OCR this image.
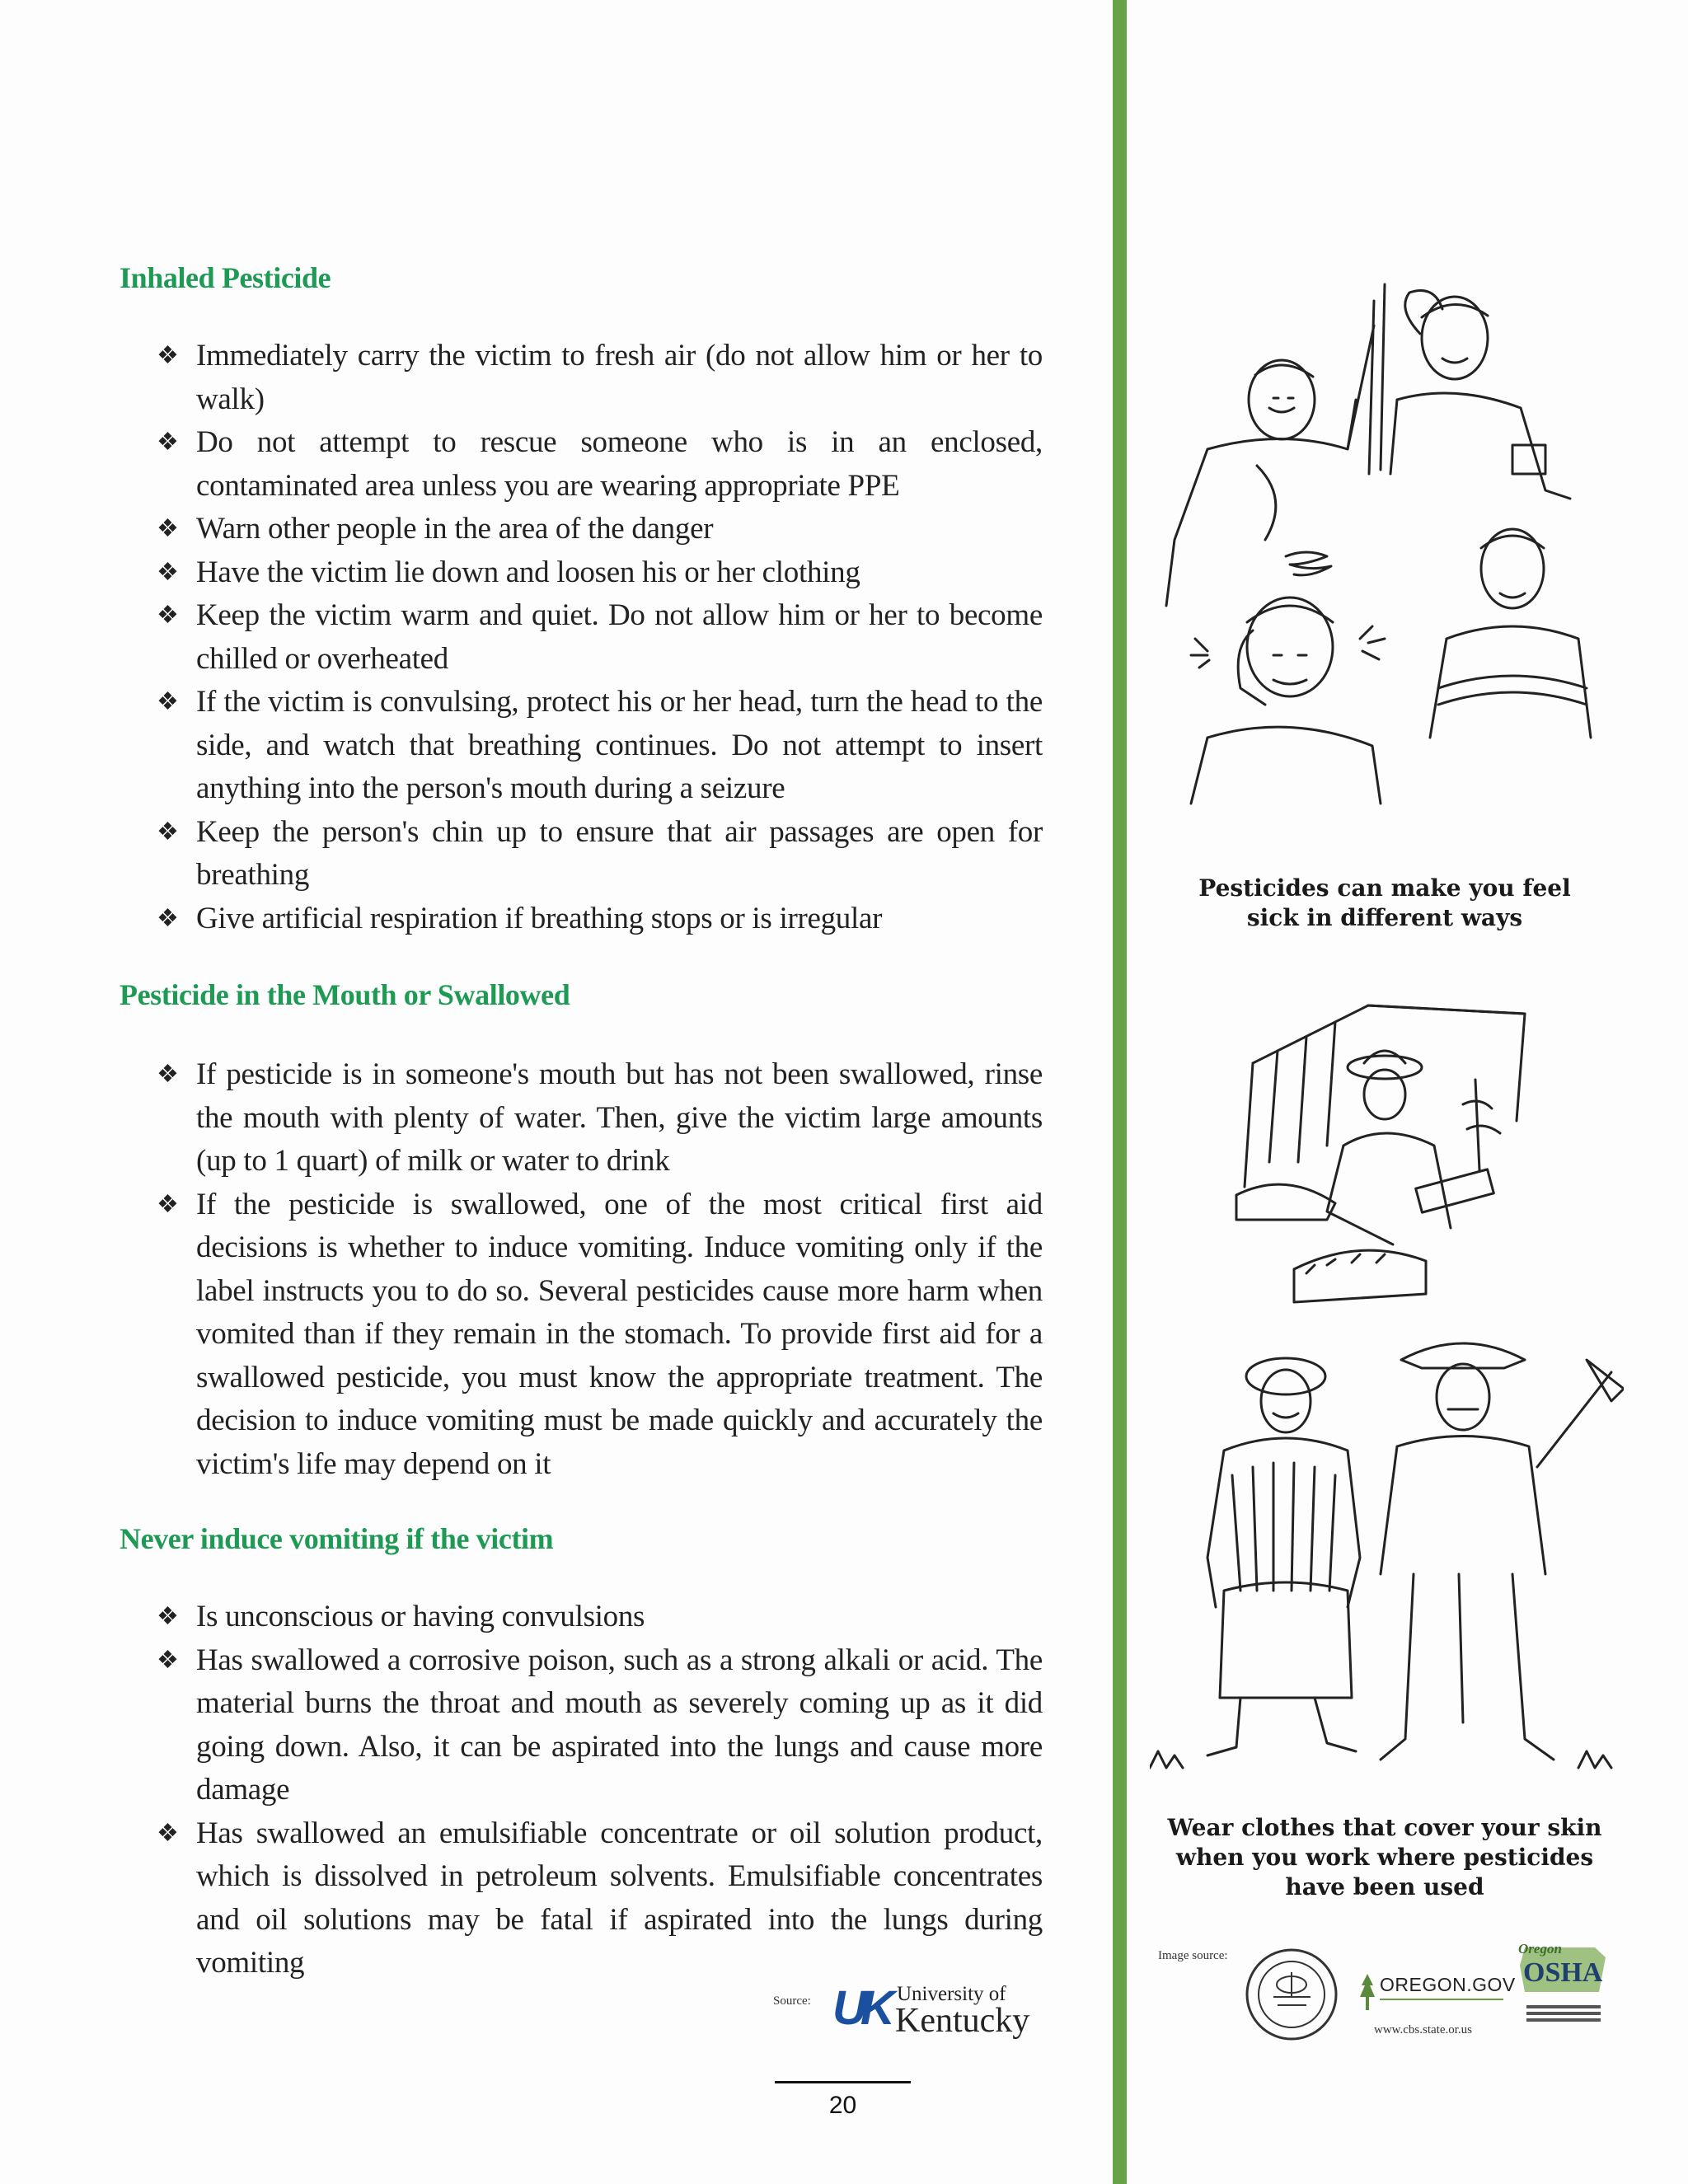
Inhaled Pesticide
❖ Immediately carry the victim to fresh air (do not allow him or her to walk)
❖ Do not attempt to rescue someone who is in an enclosed, contaminated area unless you are wearing appropriate PPE
❖ Warn other people in the area of the danger
❖ Have the victim lie down and loosen his or her clothing
❖ Keep the victim warm and quiet. Do not allow him or her to become chilled or overheated
❖ If the victim is convulsing, protect his or her head, turn the head to the side, and watch that breathing continues. Do not attempt to insert anything into the person's mouth during a seizure
❖ Keep the person's chin up to ensure that air passages are open for breathing
❖ Give artificial respiration if breathing stops or is irregular
Pesticide in the Mouth or Swallowed
❖ If pesticide is in someone's mouth but has not been swallowed, rinse the mouth with plenty of water. Then, give the victim large amounts (up to 1 quart) of milk or water to drink
❖ If the pesticide is swallowed, one of the most critical first aid decisions is whether to induce vomiting. Induce vomiting only if the label instructs you to do so. Several pesticides cause more harm when vomited than if they remain in the stomach. To provide first aid for a swallowed pesticide, you must know the appropriate treatment. The decision to induce vomiting must be made quickly and accurately the victim's life may depend on it
Never induce vomiting if the victim
❖ Is unconscious or having convulsions
❖ Has swallowed a corrosive poison, such as a strong alkali or acid. The material burns the throat and mouth as severely coming up as it did going down. Also, it can be aspirated into the lungs and cause more damage
❖ Has swallowed an emulsifiable concentrate or oil solution product, which is dissolved in petroleum solvents. Emulsifiable concentrates and oil solutions may be fatal if aspirated into the lungs during vomiting
Source: UK University of
Kentucky
20
Pesticides can make you feel sick in different ways
Wear clothes that cover your skin when you work where pesticides have been used
Image source:
OREGON.GOV
www.cbs.state.or.us
Oregon
OSHA
